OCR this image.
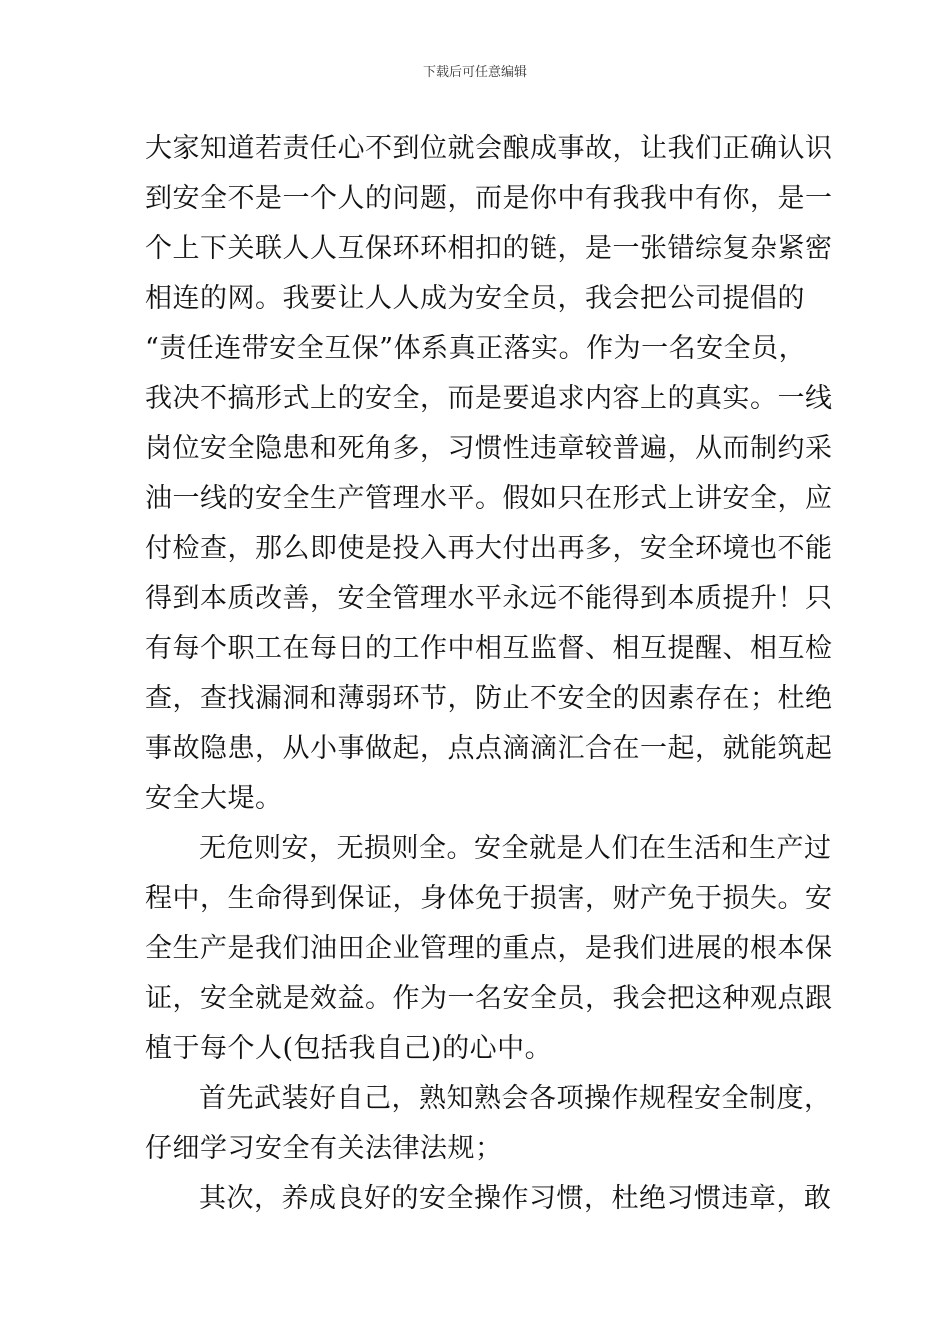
下载后可任意编辑
大家知道若责任心不到位就会酿成事故，让我们正确认识
到安全不是一个人的问题，而是你中有我我中有你，是一
个上下关联人人互保环环相扣的链，是一张错综复杂紧密
相连的网。我要让人人成为安全员，我会把公司提倡的
“责任连带安全互保”体系真正落实。作为一名安全员，
我决不搞形式上的安全，而是要追求内容上的真实。一线
岗位安全隐患和死角多，习惯性违章较普遍，从而制约采
油一线的安全生产管理水平。假如只在形式上讲安全，应
付检查，那么即使是投入再大付出再多，安全环境也不能
得到本质改善，安全管理水平永远不能得到本质提升！只
有每个职工在每日的工作中相互监督、相互提醒、相互检
查，查找漏洞和薄弱环节，防止不安全的因素存在；杜绝
事故隐患，从小事做起，点点滴滴汇合在一起，就能筑起
安全大堤。
无危则安，无损则全。安全就是人们在生活和生产过
程中，生命得到保证，身体免于损害，财产免于损失。安
全生产是我们油田企业管理的重点，是我们进展的根本保
证，安全就是效益。作为一名安全员，我会把这种观点跟
植于每个人(包括我自己)的心中。
首先武装好自己，熟知熟会各项操作规程安全制度，
仔细学习安全有关法律法规；
其次，养成良好的安全操作习惯，杜绝习惯违章，敢
